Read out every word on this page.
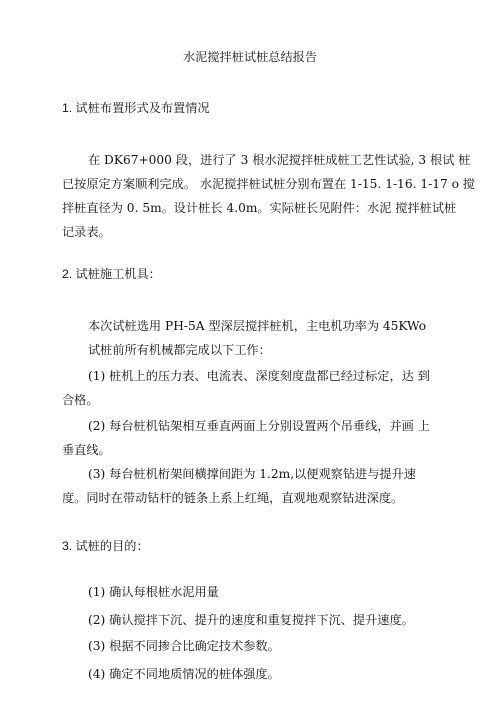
水泥搅拌桩试桩总结报告
1. 试桩布置形式及布置情况
在 DK67+000 段，进行了 3 根水泥搅拌桩成桩工艺性试验, 3 根试 桩
已按原定方案顺利完成。 水泥搅拌桩试桩分别布置在 1-15. 1-16. 1-17 o 搅
拌桩直径为 0. 5m。设计桩长 4.0m。实际桩长见附件：水泥 搅拌桩试桩
记录表。
2. 试桩施工机具：
本次试桩选用 PH-5A 型深层搅拌桩机，主电机功率为 45KWo
试桩前所有机械都完成以下工作：
(1) 桩机上的压力表、电流表、深度刻度盘都已经过标定，达 到
合格。
(2) 每台桩机钻架相互垂直两面上分别设置两个吊垂线，并画 上
垂直线。
(3) 每台桩机桁架间横撑间距为 1.2m,以便观察钻进与提升速
度。同时在带动钻杆的链条上系上红绳，直观地观察钻进深度。
3. 试桩的目的：
(1) 确认每根桩水泥用量
(2) 确认搅拌下沉、提升的速度和重复搅拌下沉、提升速度。
(3) 根据不同掺合比确定技术参数。
(4) 确定不同地质情况的桩体强度。
